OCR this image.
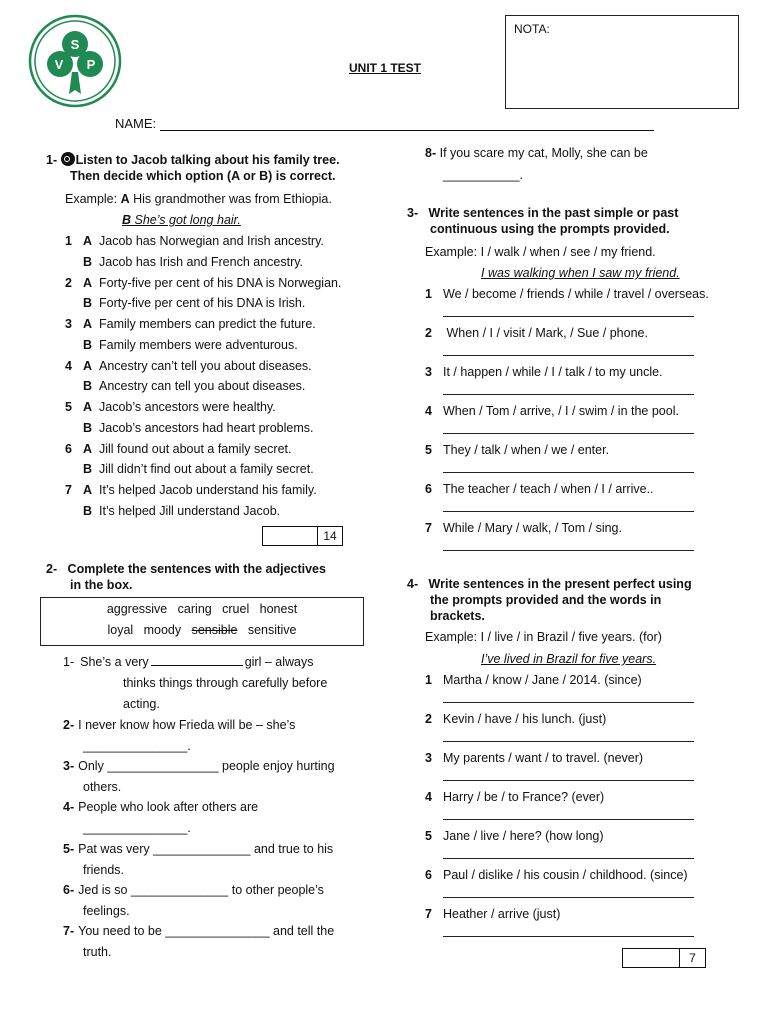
S
V P
NOTA:
UNIT 1 TEST
NAME:
1- Listen to Jacob talking about his family tree.
Then decide which option (A or B) is correct.
Example: A His grandmother was from Ethiopia.
B She’s got long hair.
1 A Jacob has Norwegian and Irish ancestry.
B Jacob has Irish and French ancestry.
2 A Forty-five per cent of his DNA is Norwegian.
B Forty-five per cent of his DNA is Irish.
3 A Family members can predict the future.
B Family members were adventurous.
4 A Ancestry can’t tell you about diseases.
B Ancestry can tell you about diseases.
5 A Jacob’s ancestors were healthy.
B Jacob’s ancestors had heart problems.
6 A Jill found out about a family secret.
B Jill didn’t find out about a family secret.
7 A It’s helped Jacob understand his family.
B It’s helped Jill understand Jacob.
14
2- Complete the sentences with the adjectives
in the box.
aggressive   caring   cruel   honest
loyal   moody   sensible   sensitive
1- She’s a very	girl – always
thinks things through carefully before
acting.
2- I never know how Frieda will be – she’s
_______________.
3- Only ________________ people enjoy hurting
others.
4- People who look after others are
_______________.
5- Pat was very ______________ and true to his
friends.
6- Jed is so ______________ to other people’s
feelings.
7- You need to be _______________ and tell the
truth.
8- If you scare my cat, Molly, she can be
___________.
3- Write sentences in the past simple or past
continuous using the prompts provided.
Example: I / walk / when / see / my friend.
I was walking when I saw my friend.
1 We / become / friends / while / travel / overseas.
2 When / I / visit / Mark, / Sue / phone.
3 It / happen / while / I / talk / to my uncle.
4 When / Tom / arrive, / I / swim / in the pool.
5 They / talk / when / we / enter.
6 The teacher / teach / when / I / arrive..
7 While / Mary / walk, / Tom / sing.
4- Write sentences in the present perfect using
the prompts provided and the words in
brackets.
Example: I / live / in Brazil / five years. (for)
I’ve lived in Brazil for five years.
1 Martha / know / Jane / 2014. (since)
2 Kevin / have / his lunch. (just)
3 My parents / want / to travel. (never)
4 Harry / be / to France? (ever)
5 Jane / live / here? (how long)
6 Paul / dislike / his cousin / childhood. (since)
7 Heather / arrive (just)
7
